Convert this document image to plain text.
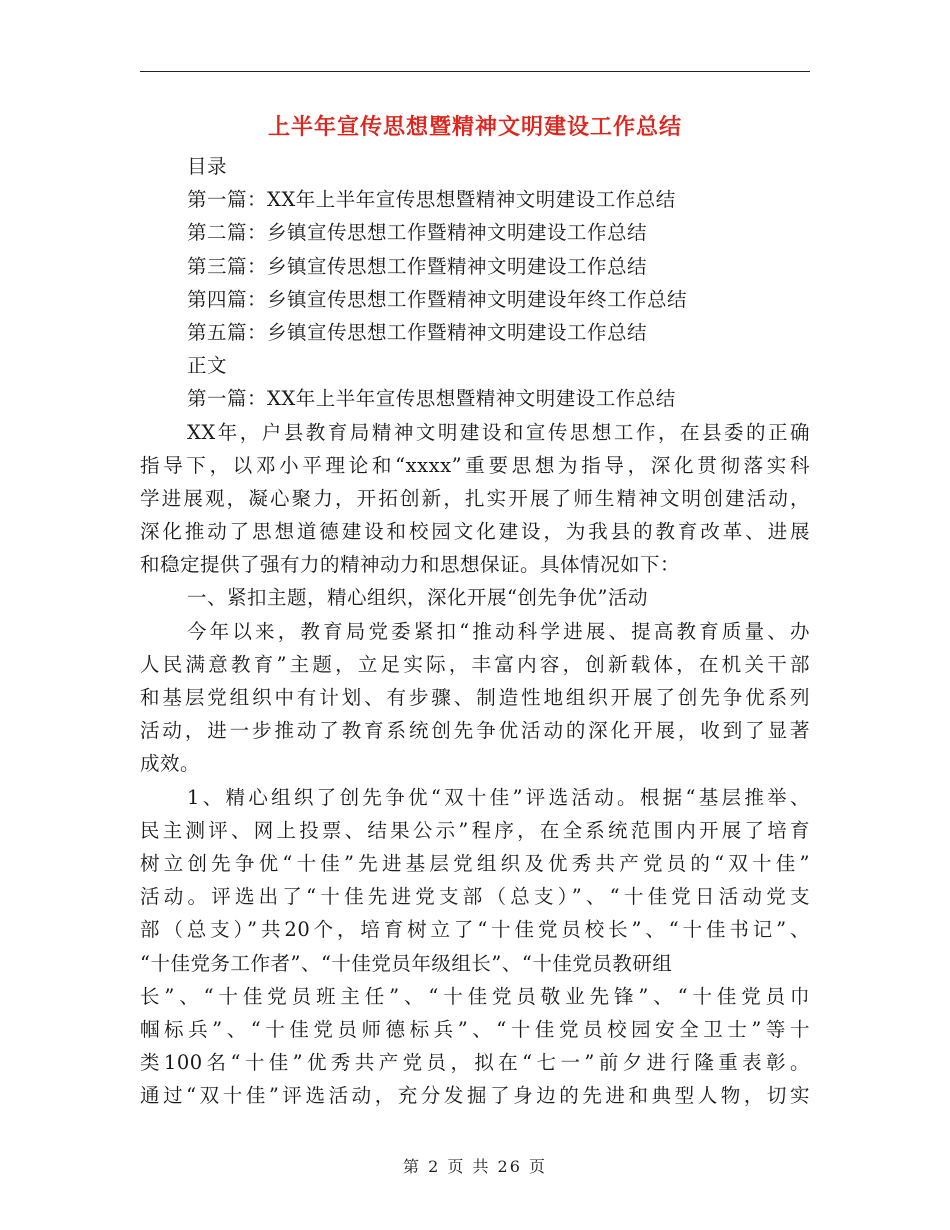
上半年宣传思想暨精神文明建设工作总结
目录
第一篇：XX年上半年宣传思想暨精神文明建设工作总结
第二篇：乡镇宣传思想工作暨精神文明建设工作总结
第三篇：乡镇宣传思想工作暨精神文明建设工作总结
第四篇：乡镇宣传思想工作暨精神文明建设年终工作总结
第五篇：乡镇宣传思想工作暨精神文明建设工作总结
正文
第一篇：XX年上半年宣传思想暨精神文明建设工作总结
XX年，户县教育局精神文明建设和宣传思想工作，在县委的正确
指导下，以邓小平理论和“xxxx”重要思想为指导，深化贯彻落实科
学进展观，凝心聚力，开拓创新，扎实开展了师生精神文明创建活动，
深化推动了思想道德建设和校园文化建设，为我县的教育改革、进展
和稳定提供了强有力的精神动力和思想保证。具体情况如下：
一、紧扣主题，精心组织，深化开展“创先争优”活动
今年以来，教育局党委紧扣“推动科学进展、提高教育质量、办
人民满意教育”主题，立足实际，丰富内容，创新载体，在机关干部
和基层党组织中有计划、有步骤、制造性地组织开展了创先争优系列
活动，进一步推动了教育系统创先争优活动的深化开展，收到了显著
成效。
1、精心组织了创先争优“双十佳”评选活动。根据“基层推举、
民主测评、网上投票、结果公示”程序，在全系统范围内开展了培育
树立创先争优“十佳”先进基层党组织及优秀共产党员的“双十佳”
活动。评选出了“十佳先进党支部（总支）”、“十佳党日活动党支
部（总支）”共20个，培育树立了“十佳党员校长”、“十佳书记”、
“十佳党务工作者”、“十佳党员年级组长”、“十佳党员教研组
长”、“十佳党员班主任”、“十佳党员敬业先锋”、“十佳党员巾
帼标兵”、“十佳党员师德标兵”、“十佳党员校园安全卫士”等十
类100名“十佳”优秀共产党员，拟在“七一”前夕进行隆重表彰。
通过“双十佳”评选活动，充分发掘了身边的先进和典型人物，切实
第 2 页 共 26 页
